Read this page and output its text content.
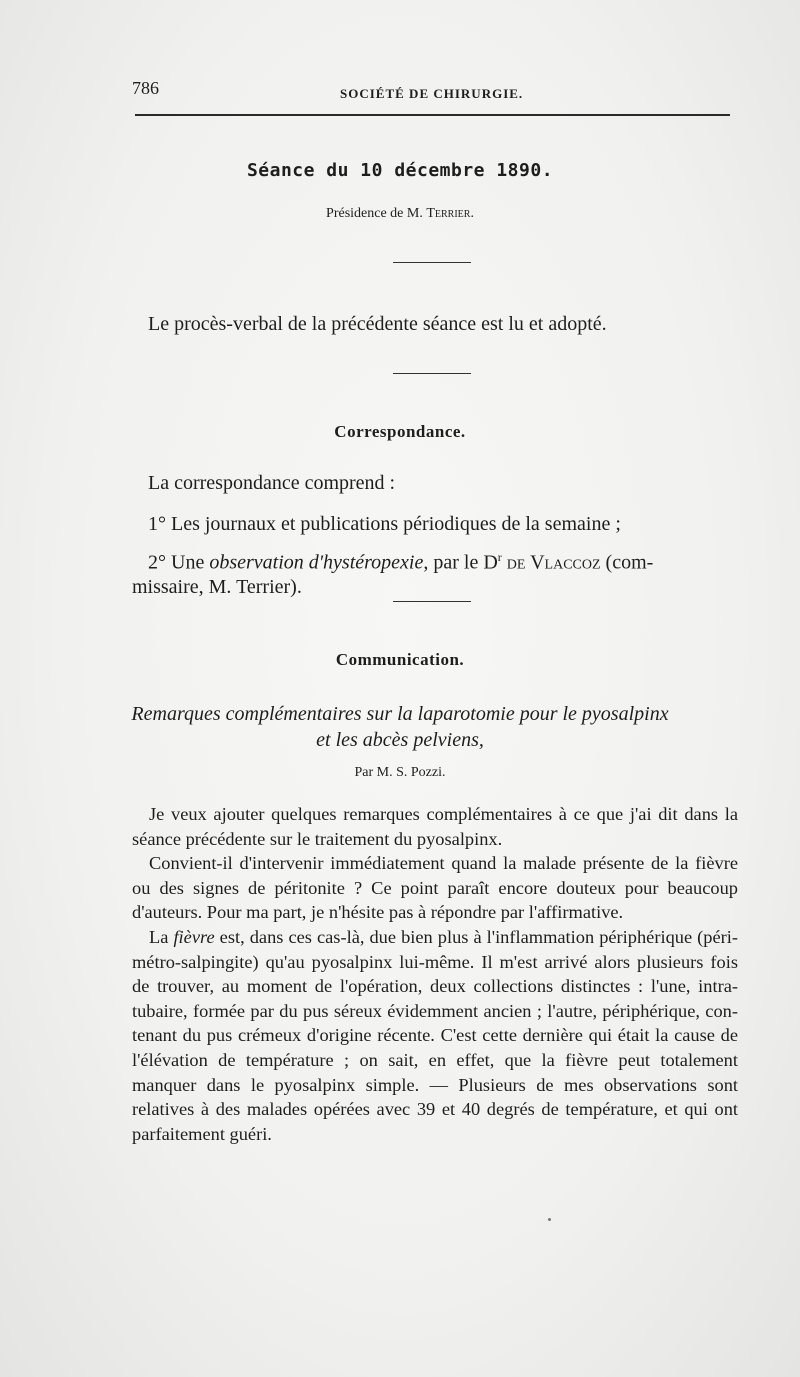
786	SOCIÉTÉ DE CHIRURGIE.
Séance du 10 décembre 1890.
Présidence de M. Terrier.
Le procès-verbal de la précédente séance est lu et adopté.
Correspondance.
La correspondance comprend :
1° Les journaux et publications périodiques de la semaine ;
2° Une observation d'hystéropexie, par le $D^r$ de Vlaccoz (com-
missaire, M. Terrier).
Communication.
Remarques complémentaires sur la laparotomie pour le pyosalpinx
et les abcès pelviens,
Par M. S. Pozzi.

Je veux ajouter quelques remarques complémentaires à ce que j'ai dit dans la séance précédente sur le traitement du pyosalpinx.

Convient-il d'intervenir immédiatement quand la malade présente de la fièvre ou des signes de péritonite ? Ce point paraît encore douteux pour beaucoup d'auteurs. Pour ma part, je n'hésite pas à répondre par l'affirmative.

La fièvre est, dans ces cas-là, due bien plus à l'inflammation périphérique (péri-métro-salpingite) qu'au pyosalpinx lui-même. Il m'est arrivé alors plusieurs fois de trouver, au moment de l'opération, deux collections distinctes : l'une, intra-tubaire, formée par du pus séreux évidemment ancien ; l'autre, périphérique, contenant du pus crémeux d'origine récente. C'est cette dernière qui était la cause de l'élévation de température ; on sait, en effet, que la fièvre peut totalement manquer dans le pyosalpinx simple. — Plusieurs de mes observations sont relatives à des malades opérées avec 39 et 40 degrés de température, et qui ont parfaitement guéri.
